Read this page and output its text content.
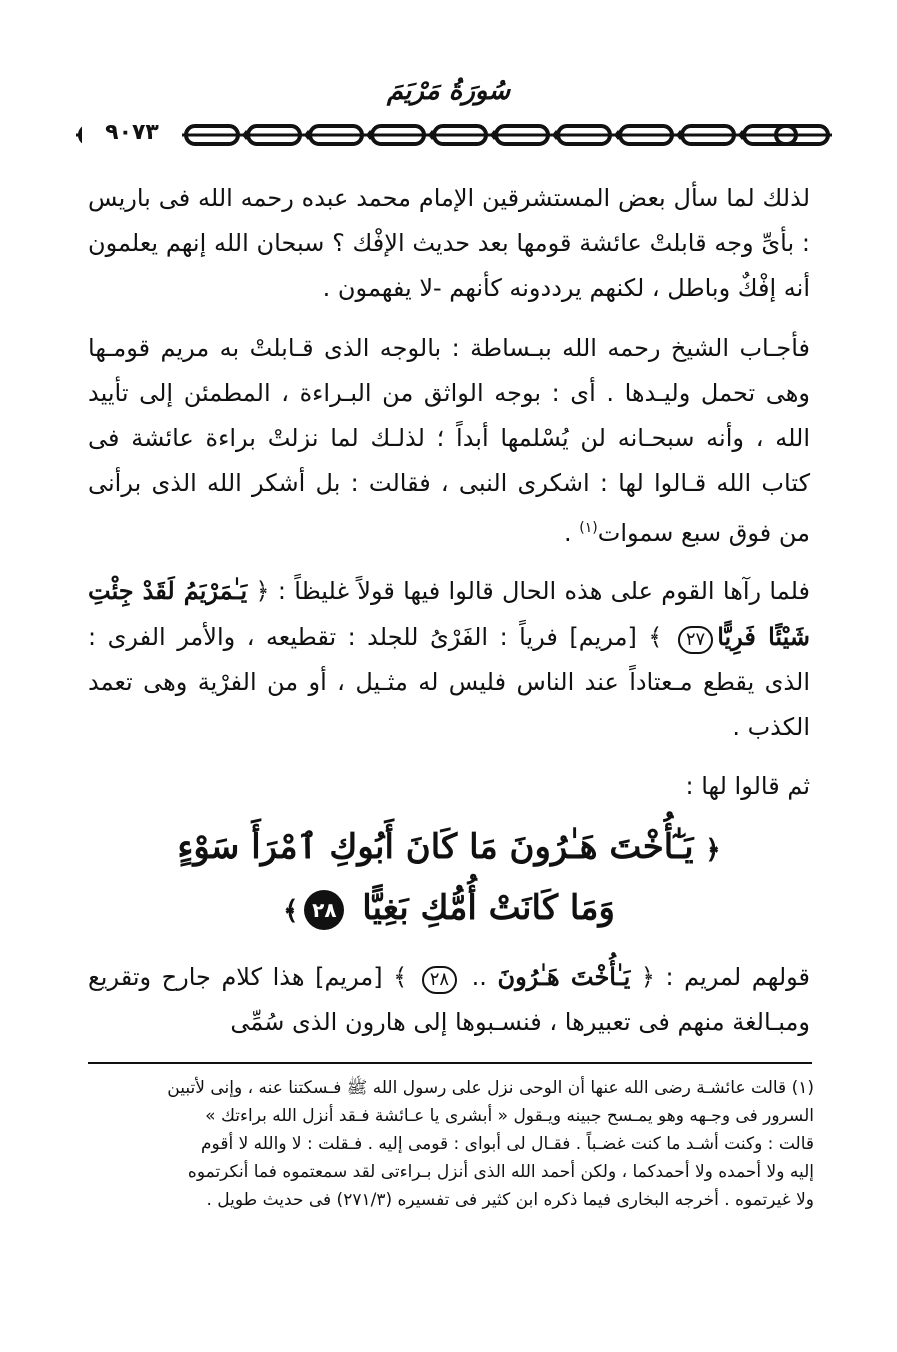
سُورَةُ مَرْيَمَ
٩٠٧٣

لذلك لما سأل بعض المستشرقين الإمام محمد عبده رحمه الله فى باريس : بأىِّ وجه قابلتْ عائشة قومها بعد حديث الإفْك ؟ سبحان الله إنهم يعلمون أنه إفْكٌ وباطل ، لكنهم يرددونه كأنهم -لا يفهمون .

فأجـاب الشيخ رحمه الله ببـساطة : بالوجه الذى قـابلتْ به مريم قومـها وهى تحمل وليـدها . أى : بوجه الواثق من البـراءة ، المطمئن إلى تأييد الله ، وأنه سبحـانه لن يُسْلمها أبداً ؛ لذلـك لما نزلتْ براءة عائشة فى كتاب الله قـالوا لها : اشكرى النبى ، فقالت : بل أشكر الله الذى برأنى من فوق سبع سموات$^{(١)}$ .

فلما رآها القوم على هذه الحال قالوا فيها قولاً غليظاً : ﴿ يَـٰمَرْيَمُ لَقَدْ جِئْتِ شَيْئًا فَرِيًّا٢٧ ﴾ [مريم] فرياً : الفَرْىُ للجلد : تقطيعه ، والأمر الفرى : الذى يقطع مـعتاداً عند الناس فليس له مثـيل ، أو من الفرْية وهى تعمد الكذب .

ثم قالوا لها :

﴿ يَـٰٓأُخْتَ هَـٰرُونَ مَا كَانَ أَبُوكِ ٱمْرَأَ سَوْءٍ
وَمَا كَانَتْ أُمُّكِ بَغِيًّا ٢٨﴾

قولهم لمريم : ﴿ يَـٰأُخْتَ هَـٰرُونَ .. ٢٨ ﴾ [مريم] هذا كلام جارح وتقريع ومبـالغة منهم فى تعبيرها ، فنسـبوها إلى هارون الذى سُمِّى

(١) قالت عائشـة رضى الله عنها أن الوحى نزل على رسول الله ﷺ فـسكتنا عنه ، وإنى لأتبين

السرور فى وجـهه وهو يمـسح جبينه ويـقول « أبشرى يا عـائشة فـقد أنزل الله براءتك »

قالت : وكنت أشـد ما كنت غضـباً . فقـال لى أبواى : قومى إليه . فـقلت : لا والله لا أقوم

إليه ولا أحمده ولا أحمدكما ، ولكن أحمد الله الذى أنزل بـراءتى لقد سمعتموه فما أنكرتموه

ولا غيرتموه . أخرجه البخارى فيما ذكره ابن كثير فى تفسيره (٢٧١/٣) فى حديث طويل .
